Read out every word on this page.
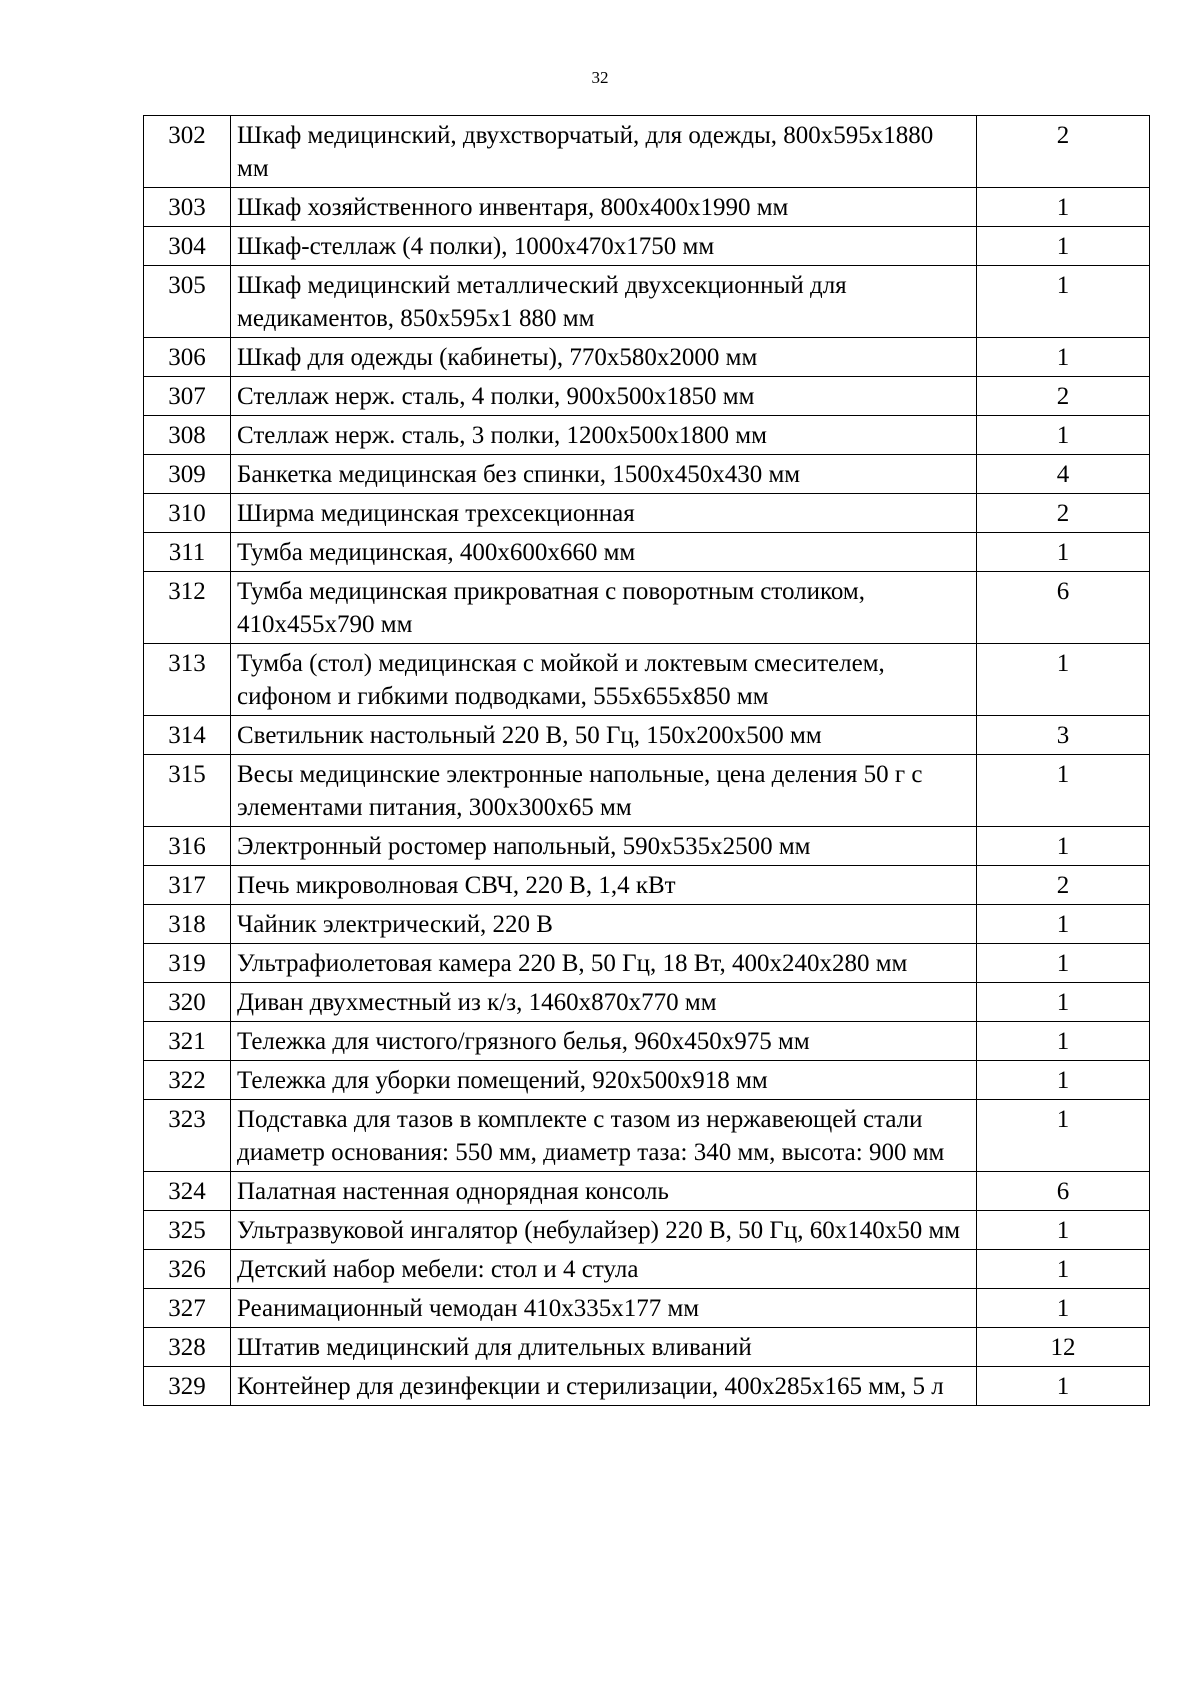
32
302	Шкаф медицинский, двухстворчатый, для одежды, 800х595х1880 мм	2
303	Шкаф хозяйственного инвентаря, 800х400х1990 мм	1
304	Шкаф-стеллаж (4 полки), 1000х470х1750 мм	1
305	Шкаф медицинский металлический двухсекционный для медикаментов, 850х595х1 880 мм	1
306	Шкаф для одежды (кабинеты), 770х580х2000 мм	1
307	Стеллаж нерж. сталь, 4 полки, 900х500х1850 мм	2
308	Стеллаж нерж. сталь, 3 полки, 1200х500х1800 мм	1
309	Банкетка медицинская без спинки, 1500х450х430 мм	4
310	Ширма медицинская трехсекционная	2
311	Тумба медицинская, 400х600х660 мм	1
312	Тумба медицинская прикроватная с поворотным столиком, 410х455х790 мм	6
313	Тумба (стол) медицинская с мойкой и локтевым смесителем, сифоном и гибкими подводками, 555х655х850 мм	1
314	Светильник настольный 220 В, 50 Гц, 150х200х500 мм	3
315	Весы медицинские электронные напольные, цена деления 50 г с элементами питания, 300х300х65 мм	1
316	Электронный ростомер напольный, 590х535х2500 мм	1
317	Печь микроволновая СВЧ, 220 В, 1,4 кВт	2
318	Чайник электрический, 220 В	1
319	Ультрафиолетовая камера 220 В, 50 Гц, 18 Вт, 400х240х280 мм	1
320	Диван двухместный из к/з, 1460х870х770 мм	1
321	Тележка для чистого/грязного белья, 960х450х975 мм	1
322	Тележка для уборки помещений, 920х500х918 мм	1
323	Подставка для тазов в комплекте с тазом из нержавеющей стали диаметр основания: 550 мм, диаметр таза: 340 мм, высота: 900 мм	1
324	Палатная настенная однорядная консоль	6
325	Ультразвуковой ингалятор (небулайзер) 220 В, 50 Гц, 60х140х50 мм	1
326	Детский набор мебели: стол и 4 стула	1
327	Реанимационный чемодан 410х335х177 мм	1
328	Штатив медицинский для длительных вливаний	12
329	Контейнер для дезинфекции и стерилизации, 400х285х165 мм, 5 л	1
